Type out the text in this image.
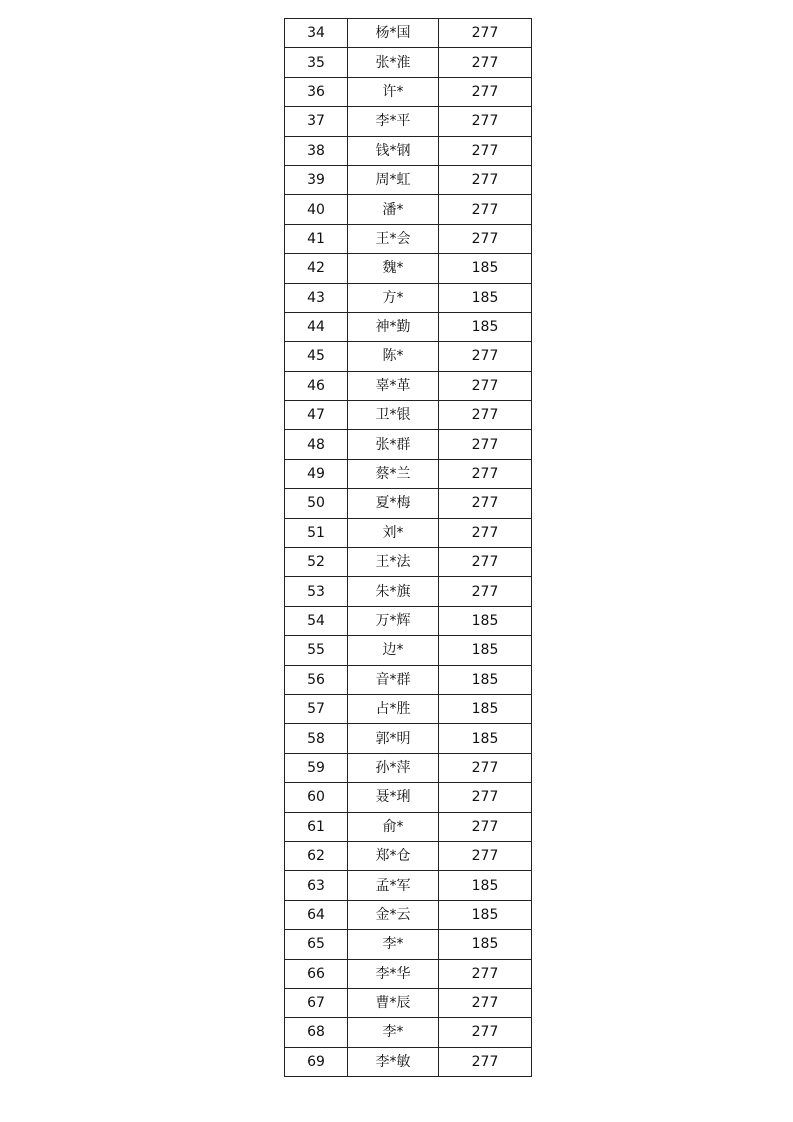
34	杨*国	277
35	张*淮	277
36	许*	277
37	李*平	277
38	钱*钢	277
39	周*虹	277
40	潘*	277
41	王*会	277
42	魏*	185
43	方*	185
44	神*勤	185
45	陈*	277
46	辜*革	277
47	卫*银	277
48	张*群	277
49	蔡*兰	277
50	夏*梅	277
51	刘*	277
52	王*法	277
53	朱*旗	277
54	万*辉	185
55	边*	185
56	音*群	185
57	占*胜	185
58	郭*明	185
59	孙*萍	277
60	聂*琍	277
61	俞*	277
62	郑*仓	277
63	孟*军	185
64	金*云	185
65	李*	185
66	李*华	277
67	曹*辰	277
68	李*	277
69	李*敏	277
